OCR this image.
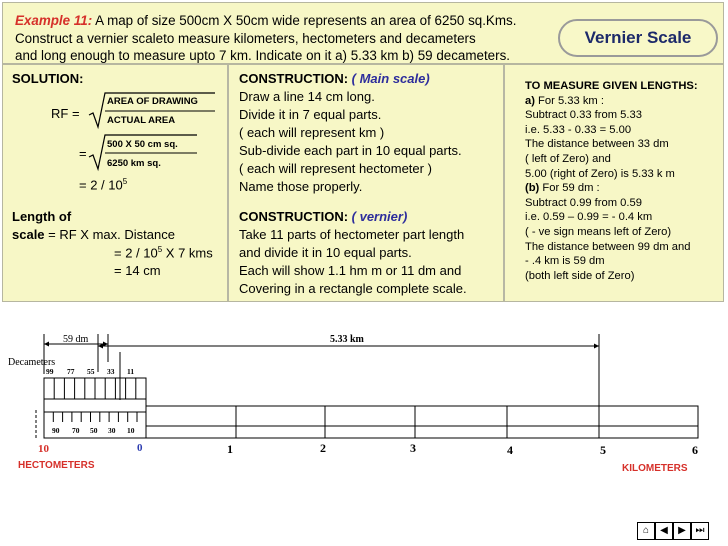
Example 11: A map of size 500cm X 50cm wide represents an area of 6250 sq.Kms.
Construct a vernier scaleto measure kilometers, hectometers and decameters
and long enough to measure upto 7 km. Indicate on it a) 5.33 km b) 59 decameters.
Vernier Scale
SOLUTION:
RF =
AREA OF DRAWING
ACTUAL AREA
=
500 X 50 cm sq.
6250 km sq.
= $2 / 10^5$
Length of
scale = RF X max. Distance
= $2 / 10^5$ X 7 kms
= 14 cm
CONSTRUCTION: ( Main scale)
Draw a line 14 cm long.
Divide it in 7 equal parts.
( each will represent km )
Sub-divide each part in 10 equal parts.
( each will represent hectometer )
Name those properly.
CONSTRUCTION: ( vernier)
Take 11 parts of hectometer part length
and divide it in 10 equal parts.
Each will show 1.1 hm m or 11 dm and
Covering in a rectangle complete scale.
TO MEASURE GIVEN LENGTHS:
a) For 5.33 km :
Subtract 0.33 from 5.33
i.e. 5.33 - 0.33 = 5.00
The distance between 33 dm
( left of Zero) and
5.00 (right of Zero) is 5.33 k m
(b) For 59 dm :
Subtract 0.99 from 0.59
i.e. 0.59 – 0.99 = - 0.4 km
( - ve sign means left of Zero)
The distance between 99 dm and
- .4 km is 59 dm
(both left side of Zero)
59 dm	5.33 km
Decameters
99 77 55 33 11
90 70 50 30 10
10	0	1	2	3	4	5	6
HECTOMETERS	KILOMETERS
⌂	◀	▶ ⏭
